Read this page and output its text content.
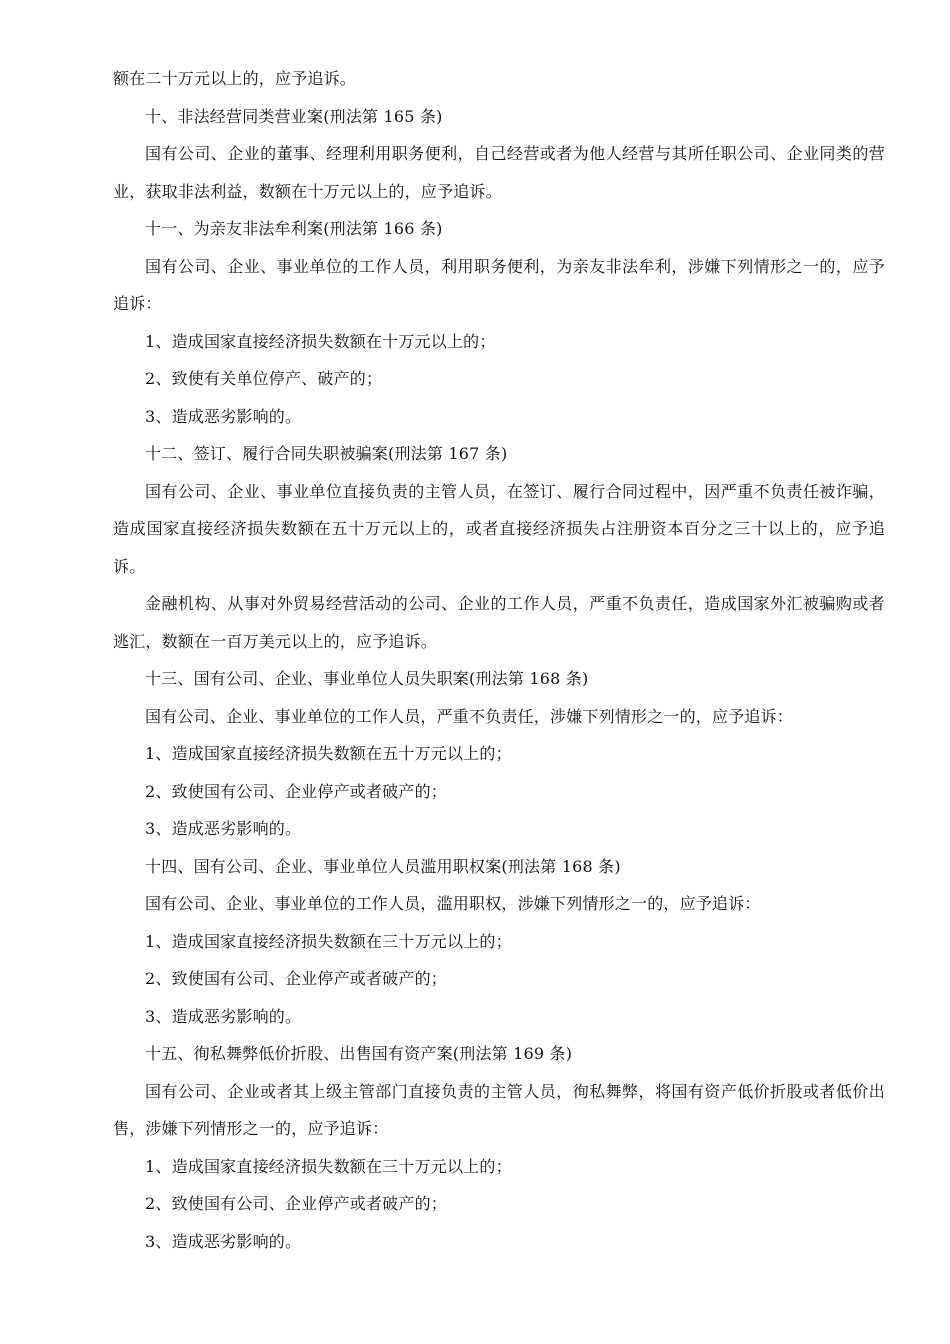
额在二十万元以上的，应予追诉。

十、非法经营同类营业案(刑法第 165 条)

国有公司、企业的董事、经理利用职务便利，自己经营或者为他人经营与其所任职公司、企业同类的营业，获取非法利益，数额在十万元以上的，应予追诉。

十一、为亲友非法牟利案(刑法第 166 条)

国有公司、企业、事业单位的工作人员，利用职务便利，为亲友非法牟利，涉嫌下列情形之一的，应予追诉：

1、造成国家直接经济损失数额在十万元以上的；

2、致使有关单位停产、破产的；

3、造成恶劣影响的。

十二、签订、履行合同失职被骗案(刑法第 167 条)

国有公司、企业、事业单位直接负责的主管人员，在签订、履行合同过程中，因严重不负责任被诈骗，造成国家直接经济损失数额在五十万元以上的，或者直接经济损失占注册资本百分之三十以上的，应予追诉。

金融机构、从事对外贸易经营活动的公司、企业的工作人员，严重不负责任，造成国家外汇被骗购或者逃汇，数额在一百万美元以上的，应予追诉。

十三、国有公司、企业、事业单位人员失职案(刑法第 168 条)

国有公司、企业、事业单位的工作人员，严重不负责任，涉嫌下列情形之一的，应予追诉：

1、造成国家直接经济损失数额在五十万元以上的；

2、致使国有公司、企业停产或者破产的；

3、造成恶劣影响的。

十四、国有公司、企业、事业单位人员滥用职权案(刑法第 168 条)

国有公司、企业、事业单位的工作人员，滥用职权，涉嫌下列情形之一的，应予追诉：

1、造成国家直接经济损失数额在三十万元以上的；

2、致使国有公司、企业停产或者破产的；

3、造成恶劣影响的。

十五、徇私舞弊低价折股、出售国有资产案(刑法第 169 条)

国有公司、企业或者其上级主管部门直接负责的主管人员，徇私舞弊，将国有资产低价折股或者低价出售，涉嫌下列情形之一的，应予追诉：

1、造成国家直接经济损失数额在三十万元以上的；

2、致使国有公司、企业停产或者破产的；

3、造成恶劣影响的。
